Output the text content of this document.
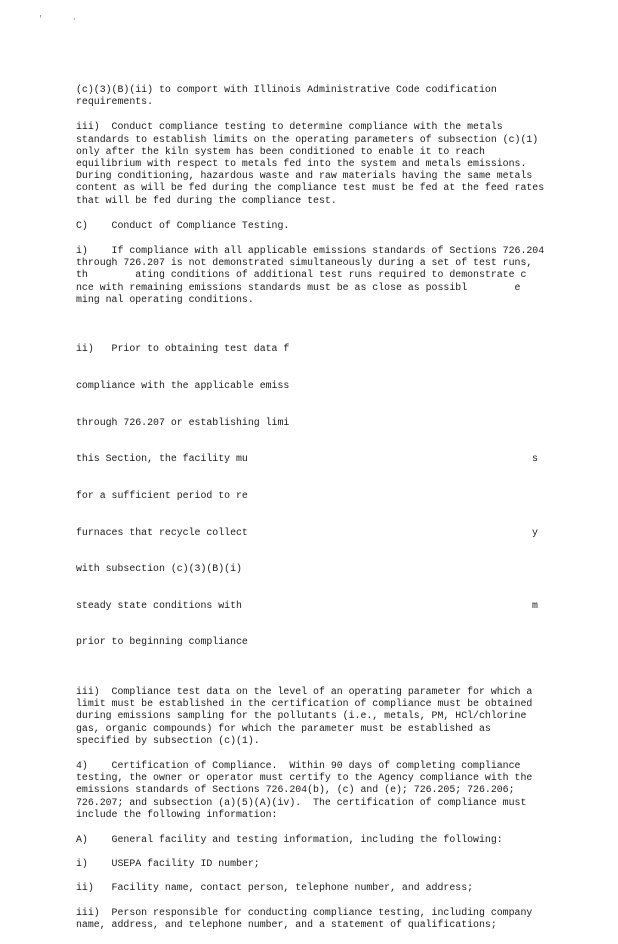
'	·

(c)(3)(B)(ii) to comport with Illinois Administrative Code codification requirements.

iii)  Conduct compliance testing to determine compliance with the metals standards to establish limits on the operating parameters of subsection (c)(1) only after the kiln system has been conditioned to enable it to reach equilibrium with respect to metals fed into the system and metals emissions.  During conditioning, hazardous waste and raw materials having the same metals content as will be fed during the compliance test must be fed at the feed rates that will be fed during the compliance test.

C)    Conduct of Compliance Testing.

i)    If compliance with all applicable emissions standards of Sections 726.204 through 726.207 is not demonstrated simultaneously during a set of test runs, th        ating conditions of additional test runs required to demonstrate c        nce with remaining emissions standards must be as close as possibl        e ming nal operating conditions.

ii)   Prior to obtaining test data f

compliance with the applicable emiss

through 726.207 or establishing limi

this Section, the facility mu	s

for a sufficient period to re

furnaces that recycle collect	y

with subsection (c)(3)(B)(i)

steady state conditions with	m

prior to beginning compliance

iii)  Compliance test data on the level of an operating parameter for which a limit must be established in the certification of compliance must be obtained during emissions sampling for the pollutants (i.e., metals, PM, HCl/chlorine gas, organic compounds) for which the parameter must be established as specified by subsection (c)(1).

4)    Certification of Compliance.  Within 90 days of completing compliance testing, the owner or operator must certify to the Agency compliance with the emissions standards of Sections 726.204(b), (c) and (e); 726.205; 726.206; 726.207; and subsection (a)(5)(A)(iv).  The certification of compliance must include the following information:

A)    General facility and testing information, including the following:

i)    USEPA facility ID number;

ii)   Facility name, contact person, telephone number, and address;

iii)  Person responsible for conducting compliance testing, including company name, address, and telephone number, and a statement of qualifications;
